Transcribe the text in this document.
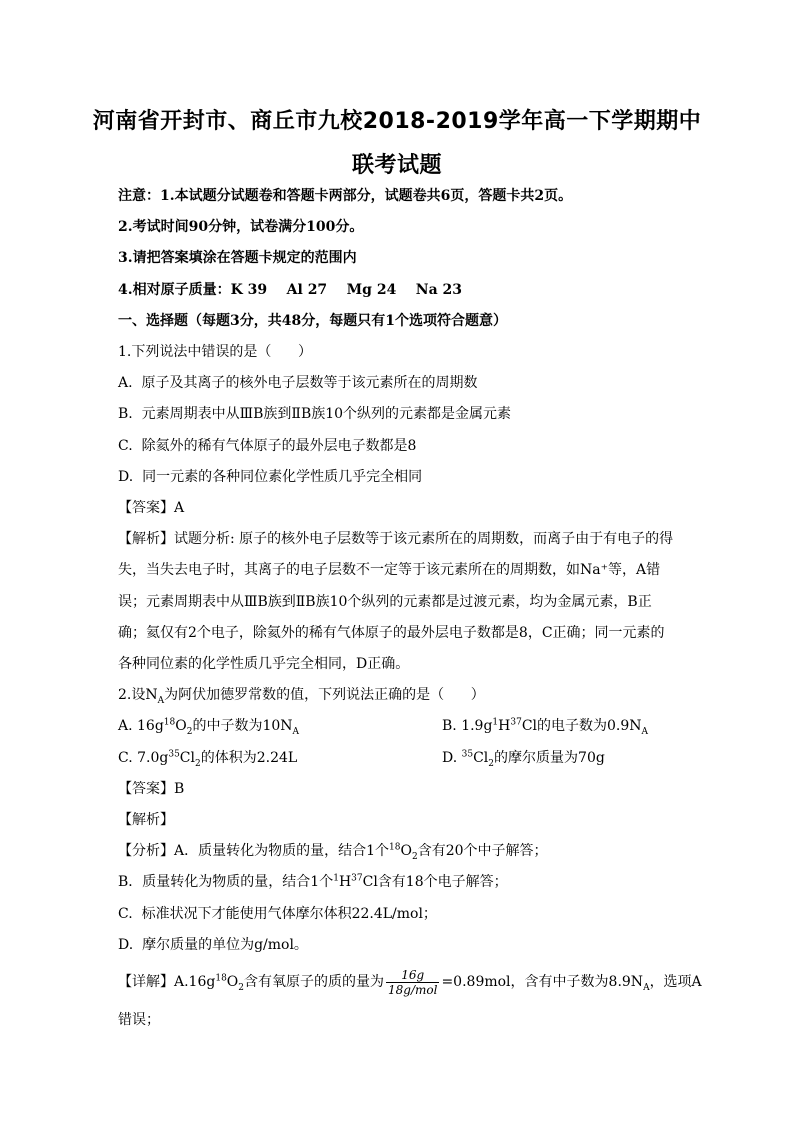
河南省开封市、商丘市九校2018-2019学年高一下学期期中
联考试题
注意：1.本试题分试题卷和答题卡两部分，试题卷共6页，答题卡共2页。
2.考试时间90分钟，试卷满分100分。
3.请把答案填涂在答题卡规定的范围内
4.相对原子质量：K 39    Al 27    Mg 24    Na 23
一、选择题（每题3分，共48分，每题只有1个选项符合题意）
1.下列说法中错误的是（      ）
A.  原子及其离子的核外电子层数等于该元素所在的周期数
B.  元素周期表中从ⅢB族到ⅡB族10个纵列的元素都是金属元素
C.  除氦外的稀有气体原子的最外层电子数都是8
D.  同一元素的各种同位素化学性质几乎完全相同
【答案】A
【解析】试题分析: 原子的核外电子层数等于该元素所在的周期数，而离子由于有电子的得
失，当失去电子时，其离子的电子层数不一定等于该元素所在的周期数，如Na⁺等，A错
误；元素周期表中从ⅢB族到ⅡB族10个纵列的元素都是过渡元素，均为金属元素，B正
确；氦仅有2个电子，除氦外的稀有气体原子的最外层电子数都是8，C正确；同一元素的
各种同位素的化学性质几乎完全相同，D正确。
2.设$N_A$为阿伏加德罗常数的值，下列说法正确的是（      ）
A. $16g^{18}O_2$的中子数为$10N_A$	B. $1.9g^1H^{37}Cl$的电子数为$0.9N_A$
C. $7.0g^{35}Cl_2$的体积为2.24L	D. $^{35}Cl_2$的摩尔质量为70g
【答案】B
【解析】
【分析】A．质量转化为物质的量，结合1个$^{18}O_2$含有20个中子解答；
B．质量转化为物质的量，结合1个$^1H^{37}Cl$含有18个电子解答；
C.  标准状况下才能使用气体摩尔体积22.4L/mol；
D.  摩尔质量的单位为g/mol。
【详解】$A.16g^{18}O_2$含有氧原子的质的量为 $\frac{16g}{\text{18g/mol}} =0.89mol$，含有中子数为$8.9N_A$，选项A
错误；
